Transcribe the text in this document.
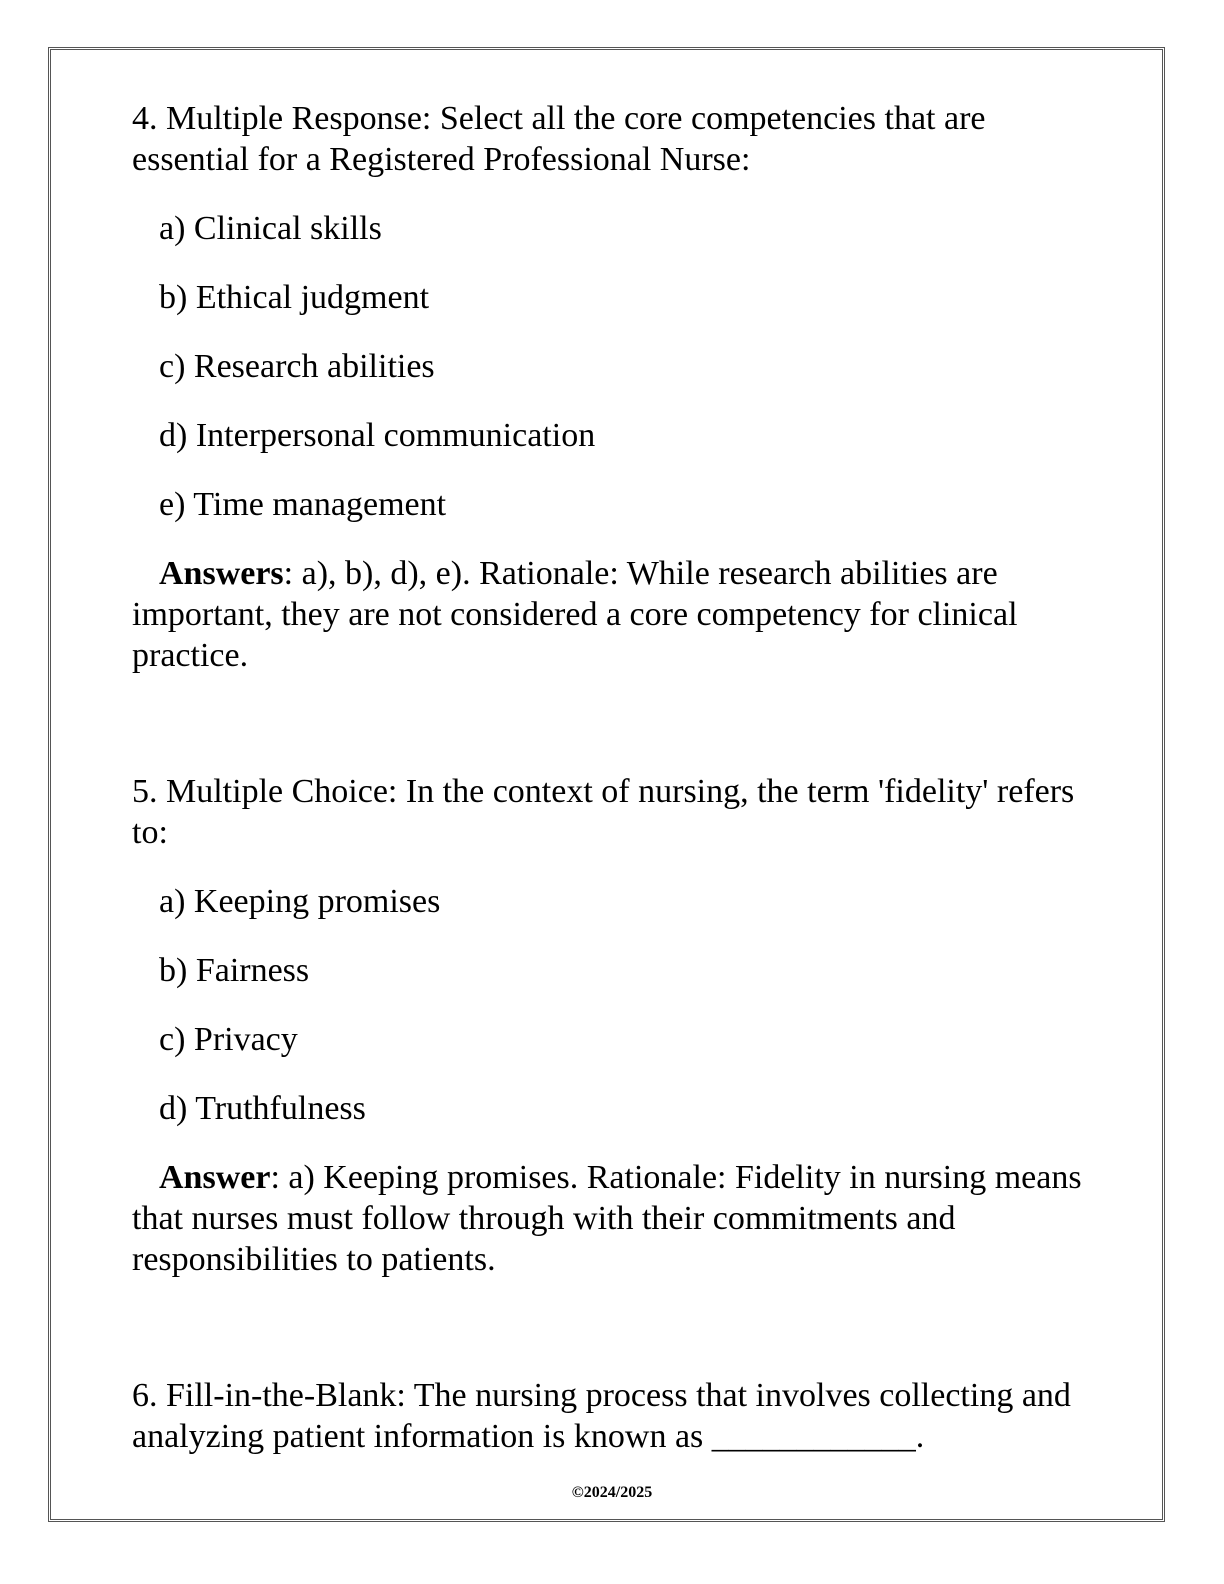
4. Multiple Response: Select all the core competencies that are essential for a Registered Professional Nurse:

a) Clinical skills

b) Ethical judgment

c) Research abilities

d) Interpersonal communication

e) Time management

Answers: a), b), d), e). Rationale: While research abilities are important, they are not considered a core competency for clinical practice.

5. Multiple Choice: In the context of nursing, the term 'fidelity' refers to:

a) Keeping promises

b) Fairness

c) Privacy

d) Truthfulness

Answer: a) Keeping promises. Rationale: Fidelity in nursing means that nurses must follow through with their commitments and responsibilities to patients.

6. Fill-in-the-Blank: The nursing process that involves collecting and analyzing patient information is known as ____________.

©2024/2025
